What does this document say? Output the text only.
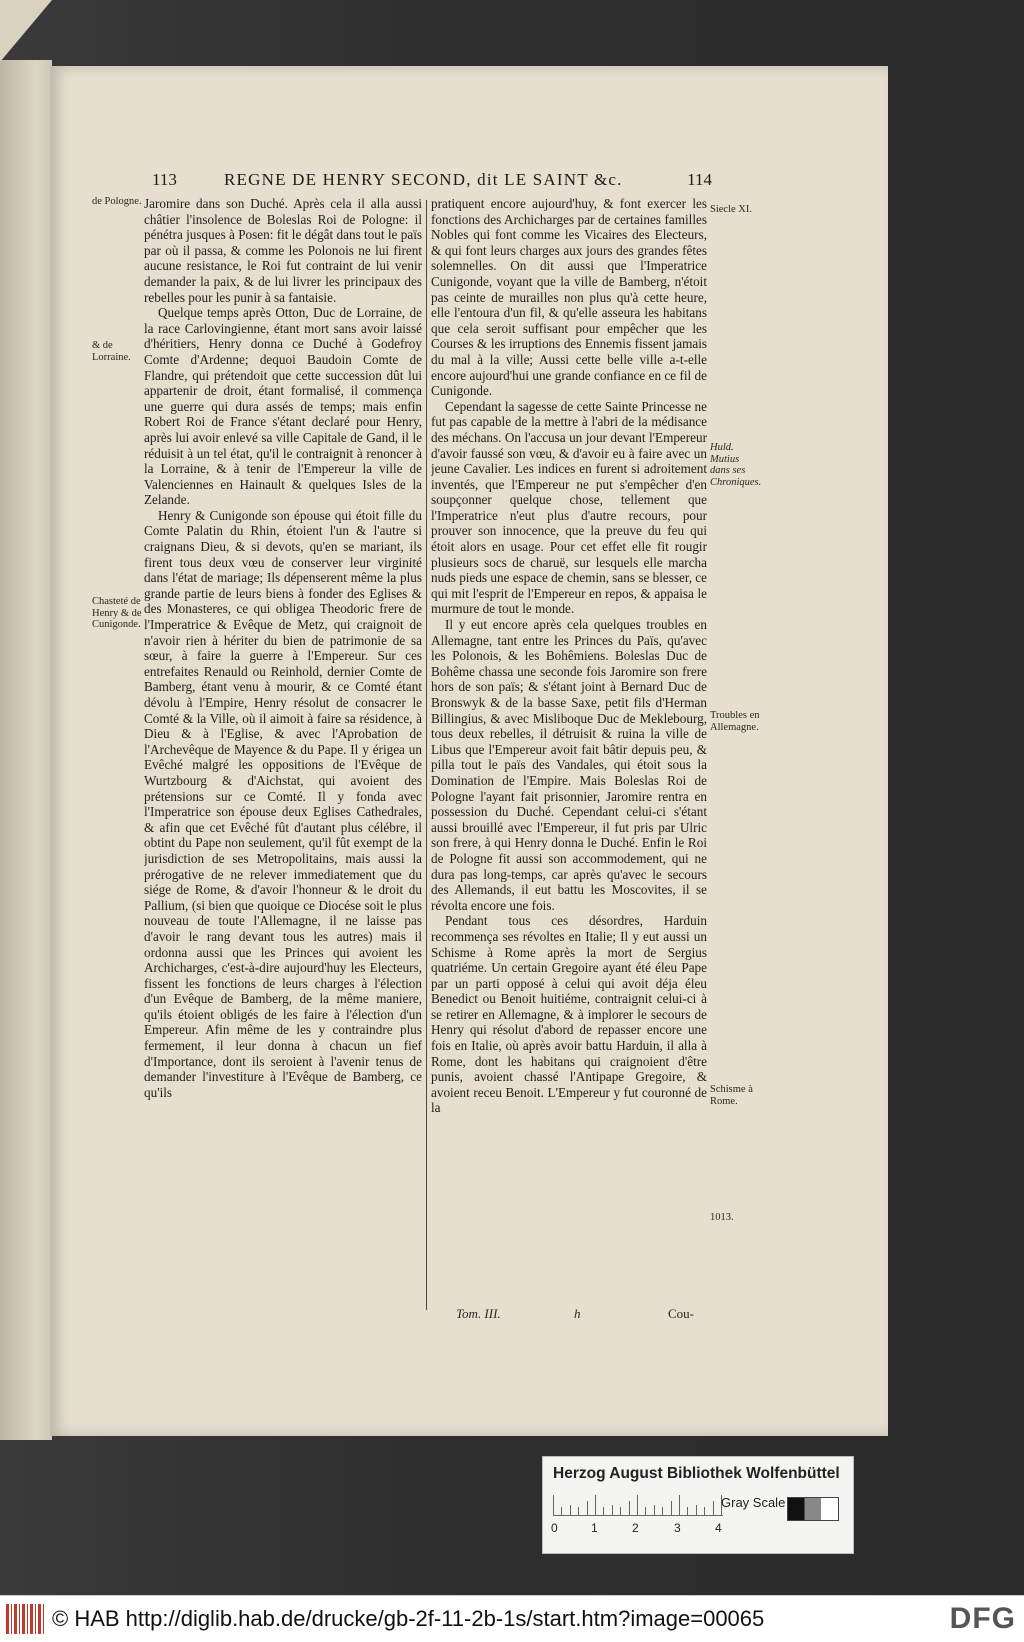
113	REGNE DE HENRY SECOND, dit LE SAINT &c.	114
de Pologne.
& de Lorraine.
Chasteté de Henry & de Cunigonde.
Siecle XI.
Huld. Mutius dans ses Chroniques.
Troubles en Allemagne.
Schisme à Rome.
1013.

Jaromire dans son Duché. Après cela il alla aussi châtier l'insolence de Boleslas Roi de Pologne: il pénétra jusques à Posen: fit le dégât dans tout le païs par où il passa, & comme les Polonois ne lui firent aucune resistance, le Roi fut contraint de lui venir demander la paix, & de lui livrer les principaux des rebelles pour les punir à sa fantaisie.

Quelque temps après Otton, Duc de Lorraine, de la race Carlovingienne, étant mort sans avoir laissé d'héritiers, Henry donna ce Duché à Godefroy Comte d'Ardenne; dequoi Baudoin Comte de Flandre, qui prétendoit que cette succession dût lui appartenir de droit, étant formalisé, il commença une guerre qui dura assés de temps; mais enfin Robert Roi de France s'étant declaré pour Henry, après lui avoir enlevé sa ville Capitale de Gand, il le réduisit à un tel état, qu'il le contraignit à renoncer à la Lorraine, & à tenir de l'Empereur la ville de Valenciennes en Hainault & quelques Isles de la Zelande.

Henry & Cunigonde son épouse qui étoit fille du Comte Palatin du Rhin, étoient l'un & l'autre si craignans Dieu, & si devots, qu'en se mariant, ils firent tous deux vœu de conserver leur virginité dans l'état de mariage; Ils dépenserent même la plus grande partie de leurs biens à fonder des Eglises & des Monasteres, ce qui obligea Theodoric frere de l'Imperatrice & Evêque de Metz, qui craignoit de n'avoir rien à hériter du bien de patrimonie de sa sœur, à faire la guerre à l'Empereur. Sur ces entrefaites Renauld ou Reinhold, dernier Comte de Bamberg, étant venu à mourir, & ce Comté étant dévolu à l'Empire, Henry résolut de consacrer le Comté & la Ville, où il aimoit à faire sa résidence, à Dieu & à l'Eglise, & avec l'Aprobation de l'Archevêque de Mayence & du Pape. Il y érigea un Evêché malgré les oppositions de l'Evêque de Wurtzbourg & d'Aichstat, qui avoient des prétensions sur ce Comté. Il y fonda avec l'Imperatrice son épouse deux Eglises Cathedrales, & afin que cet Evêché fût d'autant plus célébre, il obtint du Pape non seulement, qu'il fût exempt de la jurisdiction de ses Metropolitains, mais aussi la prérogative de ne relever immediatement que du siége de Rome, & d'avoir l'honneur & le droit du Pallium, (si bien que quoique ce Diocése soit le plus nouveau de toute l'Allemagne, il ne laisse pas d'avoir le rang devant tous les autres) mais il ordonna aussi que les Princes qui avoient les Archicharges, c'est-à-dire aujourd'huy les Electeurs, fissent les fonctions de leurs charges à l'élection d'un Evêque de Bamberg, de la même maniere, qu'ils étoient obligés de les faire à l'élection d'un Empereur. Afin même de les y contraindre plus fermement, il leur donna à chacun un fief d'Importance, dont ils seroient à l'avenir tenus de demander l'investiture à l'Evêque de Bamberg, ce qu'ils

pratiquent encore aujourd'huy, & font exercer les fonctions des Archicharges par de certaines familles Nobles qui font comme les Vicaires des Electeurs, & qui font leurs charges aux jours des grandes fêtes solemnelles. On dit aussi que l'Imperatrice Cunigonde, voyant que la ville de Bamberg, n'étoit pas ceinte de murailles non plus qu'à cette heure, elle l'entoura d'un fil, & qu'elle asseura les habitans que cela seroit suffisant pour empêcher que les Courses & les irruptions des Ennemis fissent jamais du mal à la ville; Aussi cette belle ville a-t-elle encore aujourd'hui une grande confiance en ce fil de Cunigonde.

Cependant la sagesse de cette Sainte Princesse ne fut pas capable de la mettre à l'abri de la médisance des méchans. On l'accusa un jour devant l'Empereur d'avoir faussé son vœu, & d'avoir eu à faire avec un jeune Cavalier. Les indices en furent si adroitement inventés, que l'Empereur ne put s'empêcher d'en soupçonner quelque chose, tellement que l'Imperatrice n'eut plus d'autre recours, pour prouver son innocence, que la preuve du feu qui étoit alors en usage. Pour cet effet elle fit rougir plusieurs socs de charuë, sur lesquels elle marcha nuds pieds une espace de chemin, sans se blesser, ce qui mit l'esprit de l'Empereur en repos, & appaisa le murmure de tout le monde.

Il y eut encore après cela quelques troubles en Allemagne, tant entre les Princes du Païs, qu'avec les Polonois, & les Bohêmiens. Boleslas Duc de Bohême chassa une seconde fois Jaromire son frere hors de son païs; & s'étant joint à Bernard Duc de Bronswyk & de la basse Saxe, petit fils d'Herman Billingius, & avec Misliboque Duc de Meklebourg, tous deux rebelles, il détruisit & ruina la ville de Libus que l'Empereur avoit fait bâtir depuis peu, & pilla tout le païs des Vandales, qui étoit sous la Domination de l'Empire. Mais Boleslas Roi de Pologne l'ayant fait prisonnier, Jaromire rentra en possession du Duché. Cependant celui-ci s'étant aussi brouillé avec l'Empereur, il fut pris par Ulric son frere, à qui Henry donna le Duché. Enfin le Roi de Pologne fit aussi son accommodement, qui ne dura pas long-temps, car après qu'avec le secours des Allemands, il eut battu les Moscovites, il se révolta encore une fois.

Pendant tous ces désordres, Harduin recommença ses révoltes en Italie; Il y eut aussi un Schisme à Rome après la mort de Sergius quatriéme. Un certain Gregoire ayant été éleu Pape par un parti opposé à celui qui avoit déja éleu Benedict ou Benoit huitiéme, contraignit celui-ci à se retirer en Allemagne, & à implorer le secours de Henry qui résolut d'abord de repasser encore une fois en Italie, où après avoir battu Harduin, il alla à Rome, dont les habitans qui craignoient d'être punis, avoient chassé l'Antipape Gregoire, & avoient receu Benoit. L'Empereur y fut couronné de la

Tom. III.	h	Cou-
Herzog August Bibliothek Wolfenbüttel
0	1	2	3	4
Gray Scale
© HAB http://diglib.hab.de/drucke/gb-2f-11-2b-1s/start.htm?image=00065	DFG
